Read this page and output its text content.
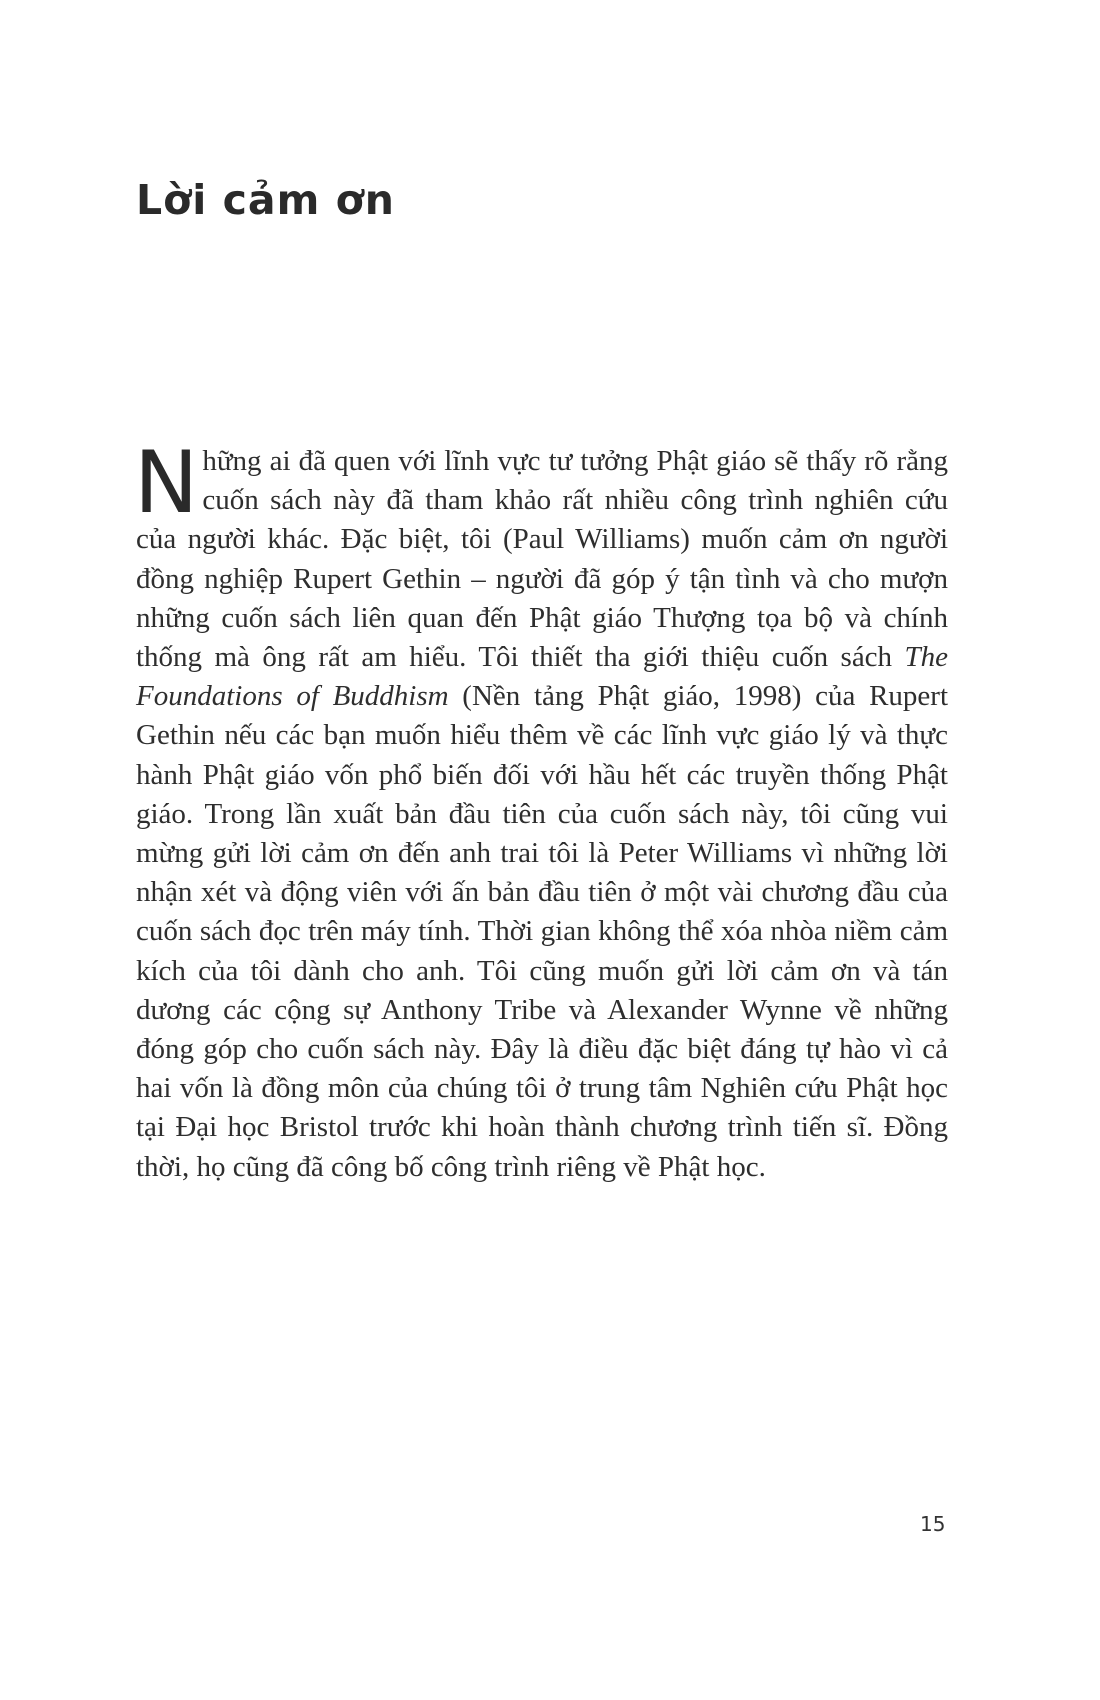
Lời cảm ơn

Những ai đã quen với lĩnh vực tư tưởng Phật giáo sẽ thấy rõ rằng cuốn sách này đã tham khảo rất nhiều công trình nghiên cứu của người khác. Đặc biệt, tôi (Paul Williams) muốn cảm ơn người đồng nghiệp Rupert Gethin – người đã góp ý tận tình và cho mượn những cuốn sách liên quan đến Phật giáo Thượng tọa bộ và chính thống mà ông rất am hiểu. Tôi thiết tha giới thiệu cuốn sách The Foundations of Buddhism (Nền tảng Phật giáo, 1998) của Rupert Gethin nếu các bạn muốn hiểu thêm về các lĩnh vực giáo lý và thực hành Phật giáo vốn phổ biến đối với hầu hết các truyền thống Phật giáo. Trong lần xuất bản đầu tiên của cuốn sách này, tôi cũng vui mừng gửi lời cảm ơn đến anh trai tôi là Peter Williams vì những lời nhận xét và động viên với ấn bản đầu tiên ở một vài chương đầu của cuốn sách đọc trên máy tính. Thời gian không thể xóa nhòa niềm cảm kích của tôi dành cho anh. Tôi cũng muốn gửi lời cảm ơn và tán dương các cộng sự Anthony Tribe và Alexander Wynne về những đóng góp cho cuốn sách này. Đây là điều đặc biệt đáng tự hào vì cả hai vốn là đồng môn của chúng tôi ở trung tâm Nghiên cứu Phật học tại Đại học Bristol trước khi hoàn thành chương trình tiến sĩ. Đồng thời, họ cũng đã công bố công trình riêng về Phật học.

15
